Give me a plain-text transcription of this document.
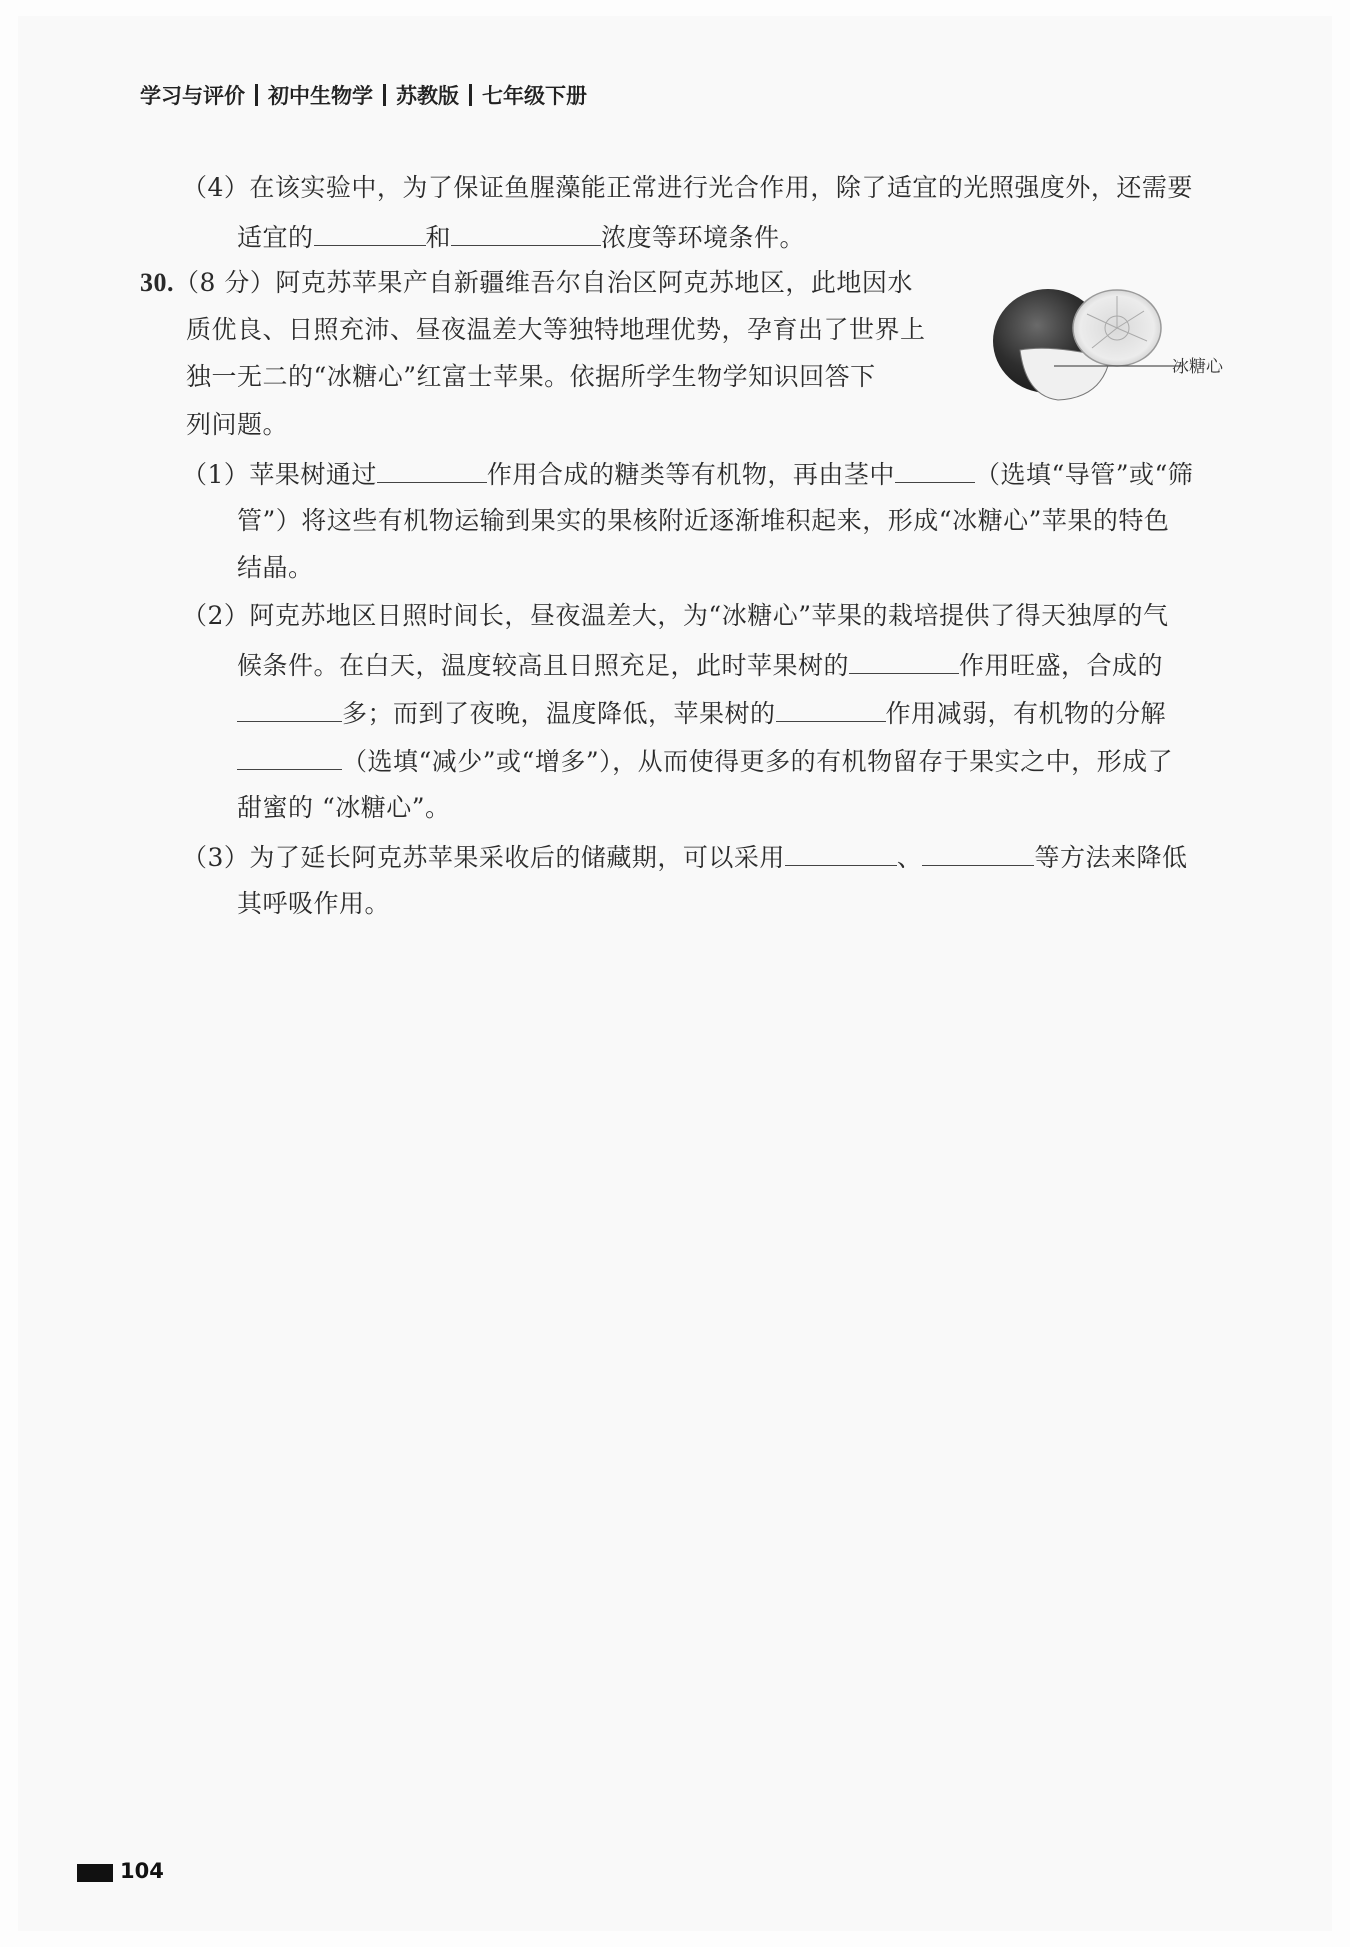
学习与评价 初中生物学 苏教版 七年级下册
（4）在该实验中，为了保证鱼腥藻能正常进行光合作用，除了适宜的光照强度外，还需要
适宜的	和	浓度等环境条件。
30.（8 分）阿克苏苹果产自新疆维吾尔自治区阿克苏地区，此地因水
质优良、日照充沛、昼夜温差大等独特地理优势，孕育出了世界上
独一无二的“冰糖心”红富士苹果。依据所学生物学知识回答下
列问题。
冰糖心
（1）苹果树通过	作用合成的糖类等有机物，再由茎中	（选填“导管”或“筛
管”）将这些有机物运输到果实的果核附近逐渐堆积起来，形成“冰糖心”苹果的特色
结晶。
（2）阿克苏地区日照时间长，昼夜温差大，为“冰糖心”苹果的栽培提供了得天独厚的气
候条件。在白天，温度较高且日照充足，此时苹果树的	作用旺盛，合成的
多；而到了夜晚，温度降低，苹果树的	作用减弱，有机物的分解
（选填“减少”或“增多”），从而使得更多的有机物留存于果实之中，形成了
甜蜜的 “冰糖心”。
（3）为了延长阿克苏苹果采收后的储藏期，可以采用	、	等方法来降低
其呼吸作用。
104
